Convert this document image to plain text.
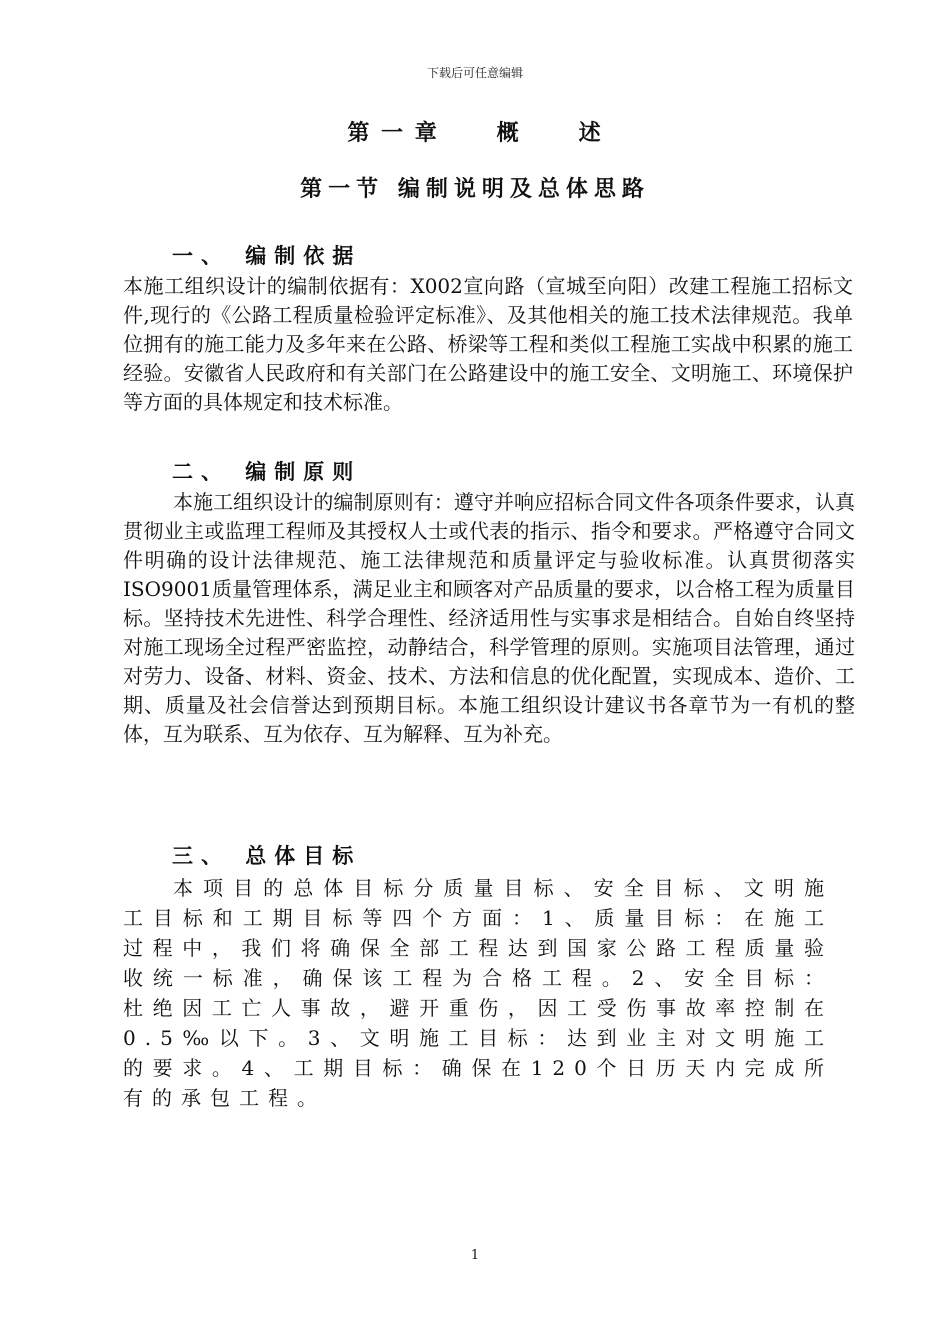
下载后可任意编辑
第 一 章      概      述
第一节 编制说明及总体思路
一、 编制依据
本施工组织设计的编制依据有：X002宣向路（宣城至向阳）改建工程施工招标文件,现行的《公路工程质量检验评定标准》、及其他相关的施工技术法律规范。我单位拥有的施工能力及多年来在公路、桥梁等工程和类似工程施工实战中积累的施工经验。安徽省人民政府和有关部门在公路建设中的施工安全、文明施工、环境保护等方面的具体规定和技术标准。
二、 编制原则
本施工组织设计的编制原则有：遵守并响应招标合同文件各项条件要求，认真贯彻业主或监理工程师及其授权人士或代表的指示、指令和要求。严格遵守合同文件明确的设计法律规范、施工法律规范和质量评定与验收标准。认真贯彻落实ISO9001质量管理体系，满足业主和顾客对产品质量的要求，以合格工程为质量目标。坚持技术先进性、科学合理性、经济适用性与实事求是相结合。自始自终坚持对施工现场全过程严密监控，动静结合，科学管理的原则。实施项目法管理，通过对劳力、设备、材料、资金、技术、方法和信息的优化配置，实现成本、造价、工期、质量及社会信誉达到预期目标。本施工组织设计建议书各章节为一有机的整体，互为联系、互为依存、互为解释、互为补充。
三、 总体目标
本项目的总体目标分质量目标、安全目标、文明施工目标和工期目标等四个方面：1、质量目标：在施工过程中，我们将确保全部工程达到国家公路工程质量验收统一标准，确保该工程为合格工程。2、安全目标：杜绝因工亡人事故，避开重伤，因工受伤事故率控制在0.5‰以下。3、文明施工目标：达到业主对文明施工的要求。4、工期目标：确保在120个日历天内完成所有的承包工程。
1
